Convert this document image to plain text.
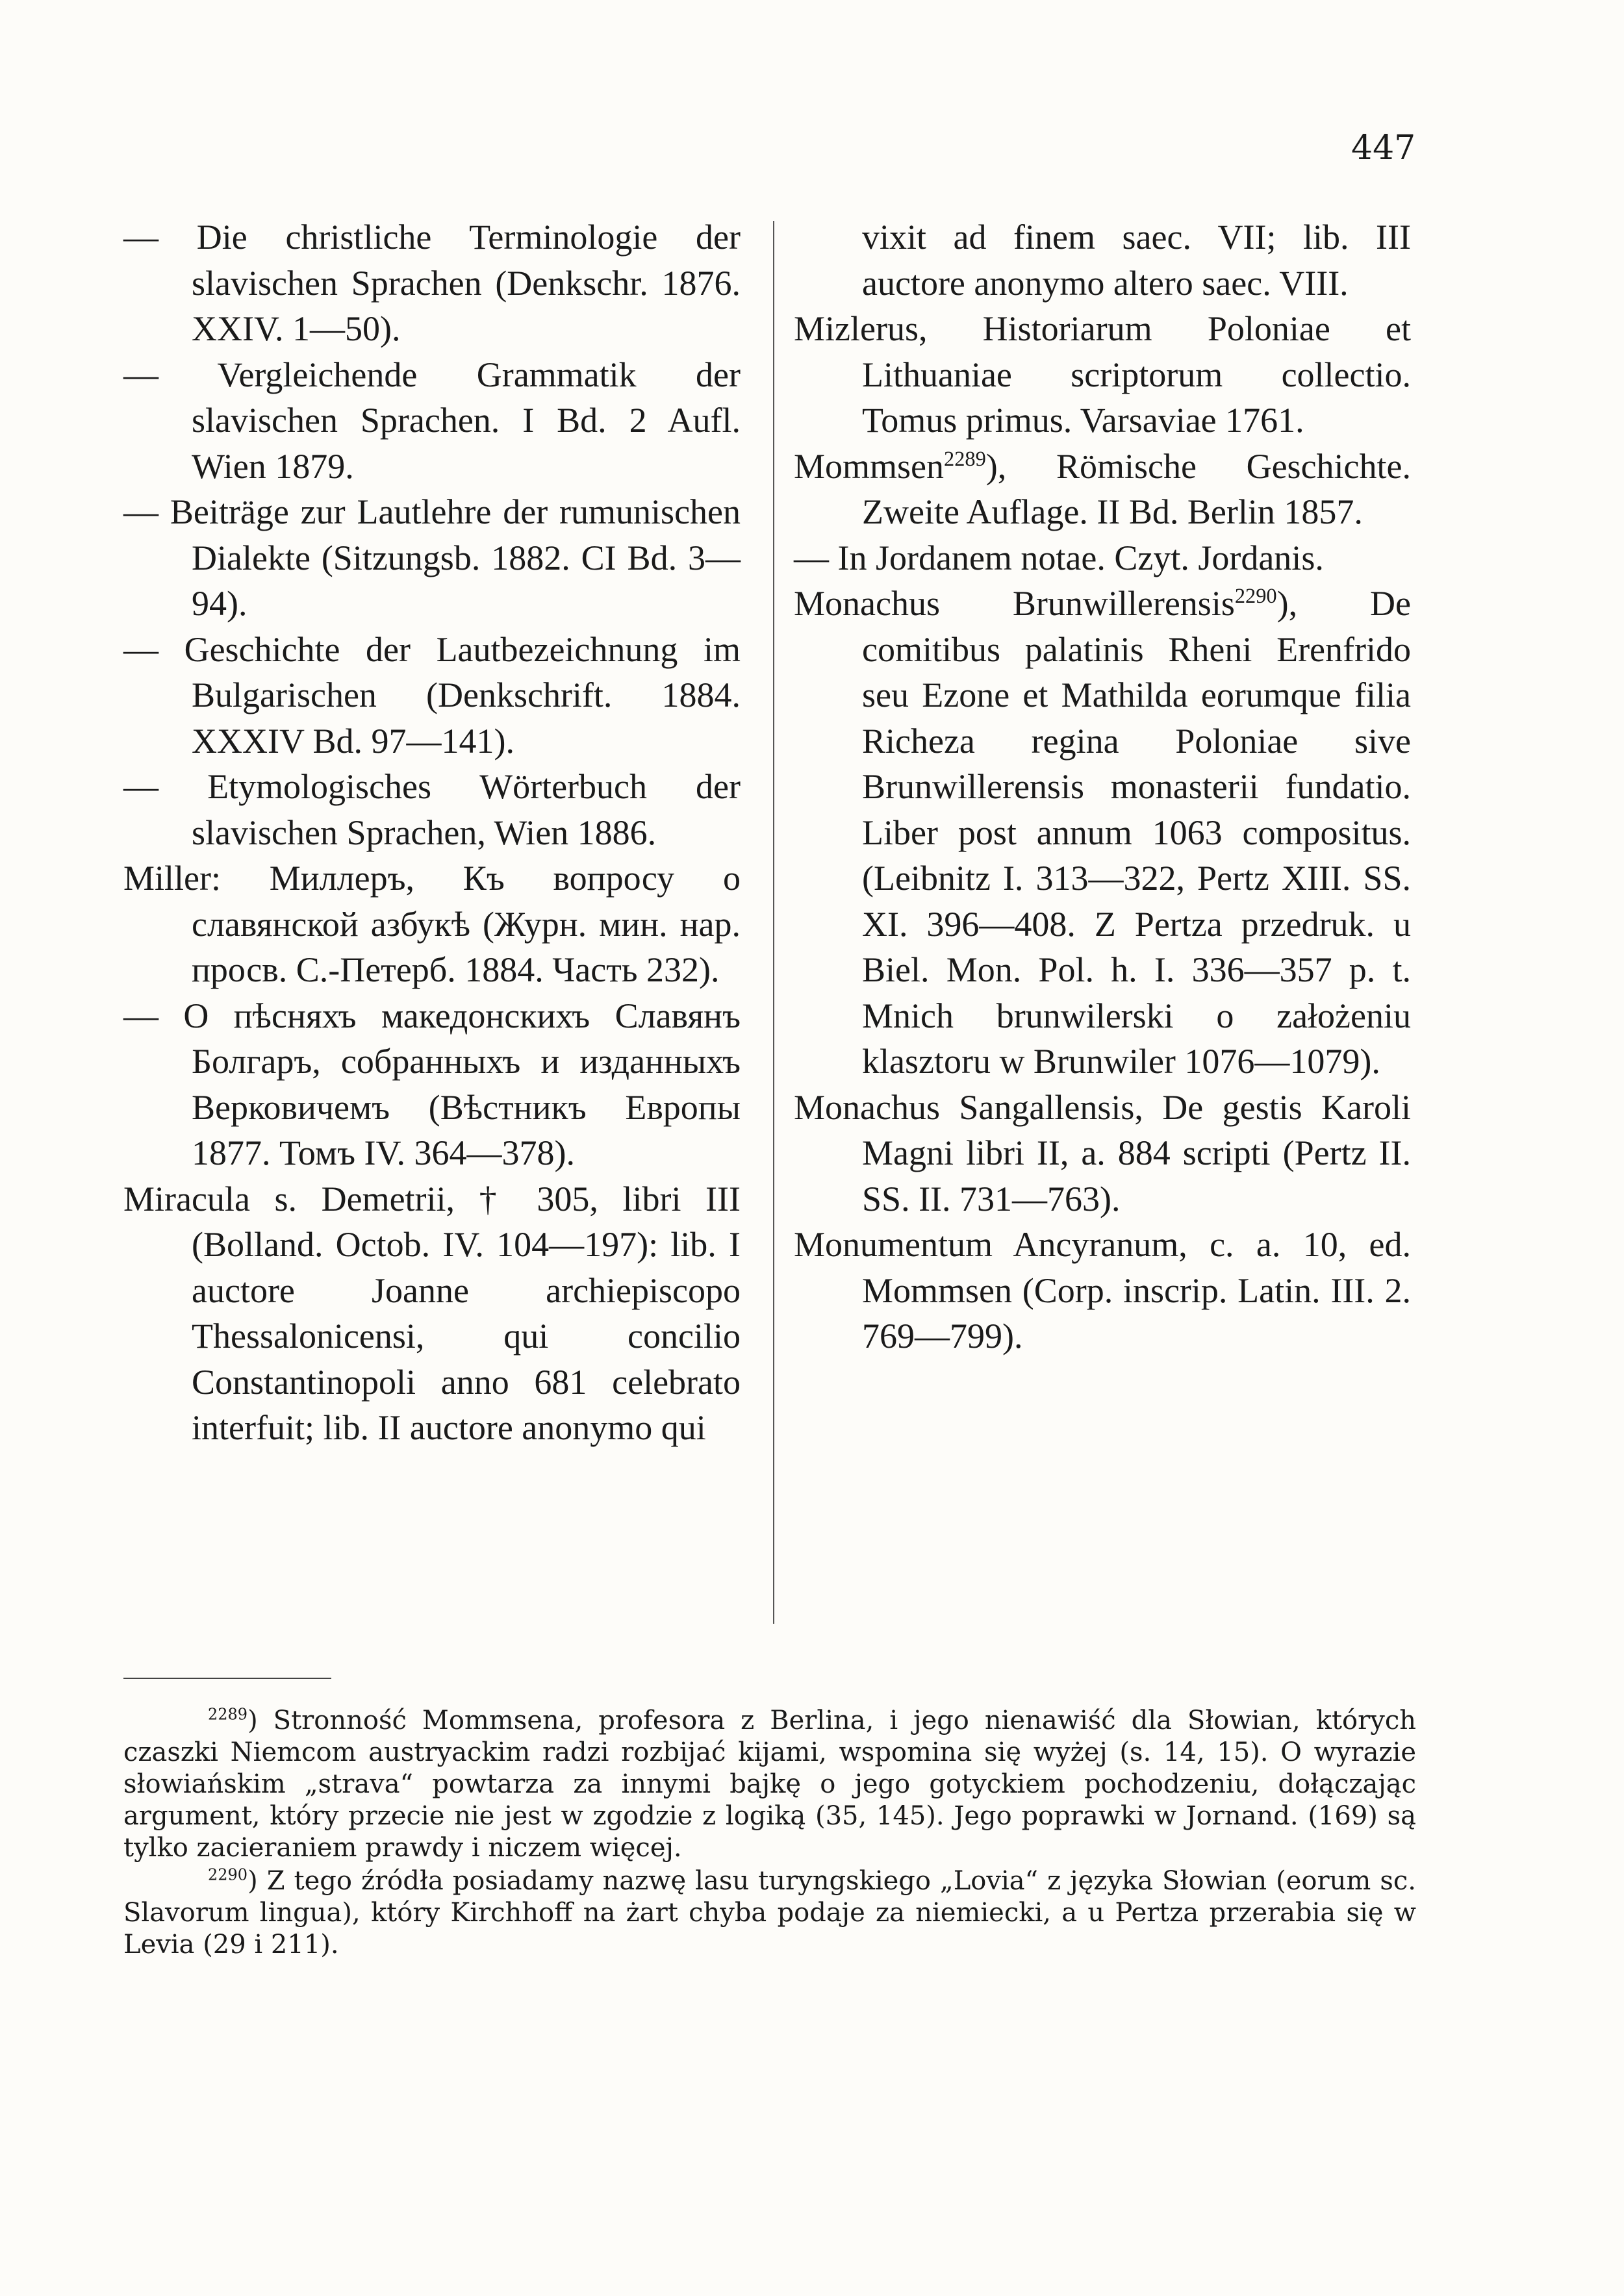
447

— Die christliche Terminologie der slavischen Sprachen (Denkschr. 1876. XXIV. 1—50).

— Vergleichende Grammatik der slavischen Sprachen. I Bd. 2 Aufl. Wien 1879.

— Beiträge zur Lautlehre der rumunischen Dialekte (Sitzungsb. 1882. CI Bd. 3—94).

— Geschichte der Lautbezeichnung im Bulgarischen (Denkschrift. 1884. XXXIV Bd. 97—141).

— Etymologisches Wörterbuch der slavischen Sprachen, Wien 1886.

Miller: Миллеръ, Къ вопросу о славянской азбукѣ (Журн. мин. нар. просв. С.-Петерб. 1884. Часть 232).

— О пѣсняхъ македонскихъ Славянъ Болгаръ, собранныхъ и изданныхъ Верковичемъ (Вѣстникъ Европы 1877. Томъ IV. 364—378).

Miracula s. Demetrii, † 305, libri III (Bolland. Octob. IV. 104—197): lib. I auctore Joanne archiepiscopo Thessalonicensi, qui concilio Constantinopoli anno 681 celebrato interfuit; lib. II auctore anonymo qui

vixit ad finem saec. VII; lib. III auctore anonymo altero saec. VIII.

Mizlerus, Historiarum Poloniae et Lithuaniae scriptorum collectio. Tomus primus. Varsaviae 1761.

Mommsen$^{2289}$), Römische Geschichte. Zweite Auflage. II Bd. Berlin 1857.

— In Jordanem notae. Czyt. Jordanis.

Monachus Brunwillerensis$^{2290}$), De comitibus palatinis Rheni Erenfrido seu Ezone et Mathilda eorumque filia Richeza regina Poloniae sive Brunwillerensis monasterii fundatio. Liber post annum 1063 compositus. (Leibnitz I. 313—322, Pertz XIII. SS. XI. 396—408. Z Pertza przedruk. u Biel. Mon. Pol. h. I. 336—357 p. t. Mnich brunwilerski o założeniu klasztoru w Brunwiler 1076—1079).

Monachus Sangallensis, De gestis Karoli Magni libri II, a. 884 scripti (Pertz II. SS. II. 731—763).

Monumentum Ancyranum, c. a. 10, ed. Mommsen (Corp. inscrip. Latin. III. 2. 769—799).

$^{2289}$) Stronność Mommsena, profesora z Berlina, i jego nienawiść dla Słowian, których czaszki Niemcom austryackim radzi rozbijać kijami, wspomina się wyżej (s. 14, 15). O wyrazie słowiańskim „strava“ powtarza za innymi bajkę o jego gotyckiem pochodzeniu, dołączając argument, który przecie nie jest w zgodzie z logiką (35, 145). Jego poprawki w Jornand. (169) są tylko zacieraniem prawdy i niczem więcej.

$^{2290}$) Z tego źródła posiadamy nazwę lasu turyngskiego „Lovia“ z języka Słowian (eorum sc. Slavorum lingua), który Kirchhoff na żart chyba podaje za niemiecki, a u Pertza przerabia się w Levia (29 i 211).
